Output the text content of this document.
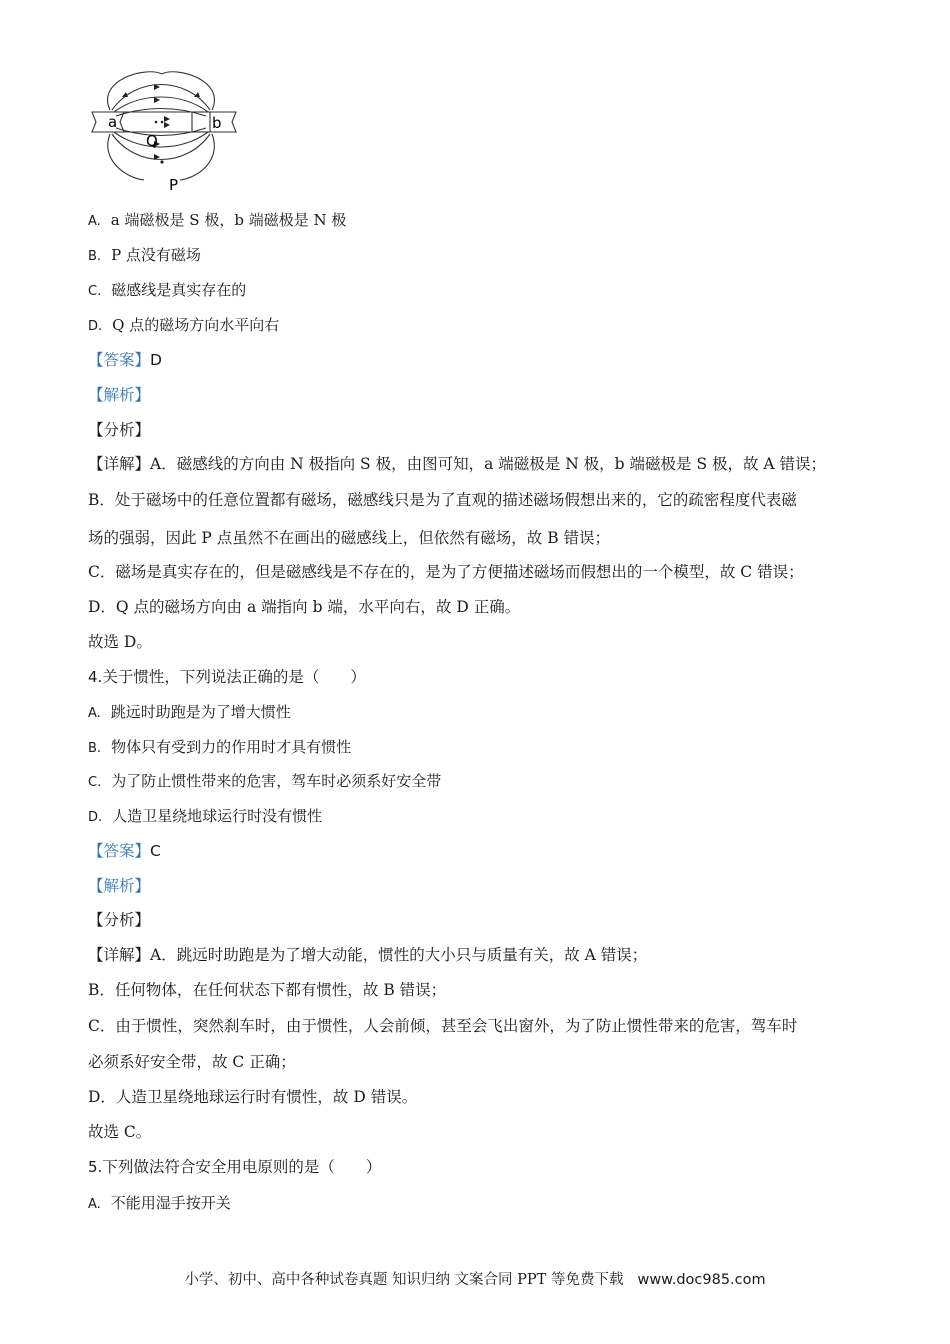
a	b
Q
P
A. a 端磁极是 S 极，b 端磁极是 N 极
B. P 点没有磁场
C. 磁感线是真实存在的
D. Q 点的磁场方向水平向右
【答案】D
【解析】
【分析】
【详解】A．磁感线的方向由 N 极指向 S 极，由图可知，a 端磁极是 N 极，b 端磁极是 S 极，故 A 错误；
B．处于磁场中的任意位置都有磁场，磁感线只是为了直观的描述磁场假想出来的，它的疏密程度代表磁
场的强弱，因此 P 点虽然不在画出的磁感线上，但依然有磁场，故 B 错误；
C．磁场是真实存在的，但是磁感线是不存在的，是为了方便描述磁场而假想出的一个模型，故 C 错误；
D．Q 点的磁场方向由 a 端指向 b 端，水平向右，故 D 正确。
故选 D。
4.关于惯性，下列说法正确的是（　　）
A. 跳远时助跑是为了增大惯性
B. 物体只有受到力的作用时才具有惯性
C. 为了防止惯性带来的危害，驾车时必须系好安全带
D. 人造卫星绕地球运行时没有惯性
【答案】C
【解析】
【分析】
【详解】A．跳远时助跑是为了增大动能，惯性的大小只与质量有关，故 A 错误；
B．任何物体，在任何状态下都有惯性，故 B 错误；
C．由于惯性，突然刹车时，由于惯性，人会前倾，甚至会飞出窗外，为了防止惯性带来的危害，驾车时
必须系好安全带，故 C 正确；
D．人造卫星绕地球运行时有惯性，故 D 错误。
故选 C。
5.下列做法符合安全用电原则的是（　　）
A. 不能用湿手按开关
小学、初中、高中各种试卷真题 知识归纳 文案合同 PPT 等免费下载 www.doc985.com
